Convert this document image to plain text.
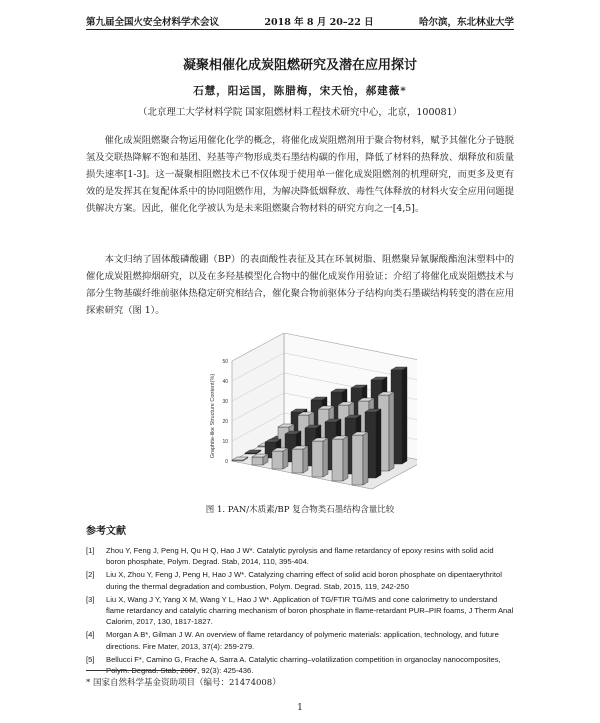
第九届全国火安全材料学术会议	2018 年 8 月 20–22 日	哈尔滨，东北林业大学
凝聚相催化成炭阻燃研究及潜在应用探讨
石慧，阳运国，陈腊梅，宋天怡，郝建薇*
（北京理工大学材料学院 国家阻燃材料工程技术研究中心，北京，100081）
催化成炭阻燃聚合物运用催化化学的概念，将催化成炭阻燃剂用于聚合物材料，赋予其催化分子链脱氢及交联热降解不饱和基团、羟基等产物形成类石墨结构碳的作用，降低了材料的热释放、烟释放和质量损失速率[1-3]。这一凝聚相阻燃技术已不仅体现于使用单一催化成炭阻燃剂的机理研究，而更多及更有效的是发挥其在复配体系中的协同阻燃作用，为解决降低烟释放、毒性气体释放的材料火安全应用问题提供解决方案。因此，催化化学被认为是未来阻燃聚合物材料的研究方向之一[4,5]。
本文归纳了固体酸磷酸硼（BP）的表面酸性表征及其在环氧树脂、阻燃聚异氰脲酸酯泡沫塑料中的催化成炭阻燃抑烟研究，以及在多羟基模型化合物中的催化成炭作用验证；介绍了将催化成炭阻燃技术与部分生物基碳纤维前驱体热稳定研究相结合，催化聚合物前驱体分子结构向类石墨碳结构转变的潜在应用探索研究（图 1）。
0
10
20
30
40
50
Graphite-like Structure Content(%)
图 1. PAN/木质素/BP 复合物类石墨结构含量比较
参考文献
[1]	Zhou Y, Feng J, Peng H, Qu H Q, Hao J W*. Catalytic pyrolysis and flame retardancy of epoxy resins with solid acid boron phosphate, Polym. Degrad. Stab, 2014, 110, 395-404.
[2]	Liu X, Zhou Y, Feng J, Peng H, Hao J W*. Catalyzing charring effect of solid acid boron phosphate on dipentaerythritol during the thermal degradation and combustion, Polym. Degrad. Stab, 2015, 119, 242-250
[3]	Liu X, Wang J Y, Yang X M, Wang Y L, Hao J W*. Application of TG/FTIR TG/MS and cone calorimetry to understand flame retardancy and catalytic charring mechanism of boron phosphate in flame-retardant PUR–PIR foams, J Therm Anal Calorim, 2017, 130, 1817-1827.
[4]	Morgan A B*, Gilman J W. An overview of flame retardancy of polymeric materials: application, technology, and future directions. Fire Mater, 2013, 37(4): 259-279.
[5]	Bellucci F*, Camino G, Frache A, Sarra A. Catalytic charring–volatilization competition in organoclay nanocomposites, Polym. Degrad. Stab, 2007, 92(3): 425-436.
* 国家自然科学基金资助项目（编号：21474008）
1
